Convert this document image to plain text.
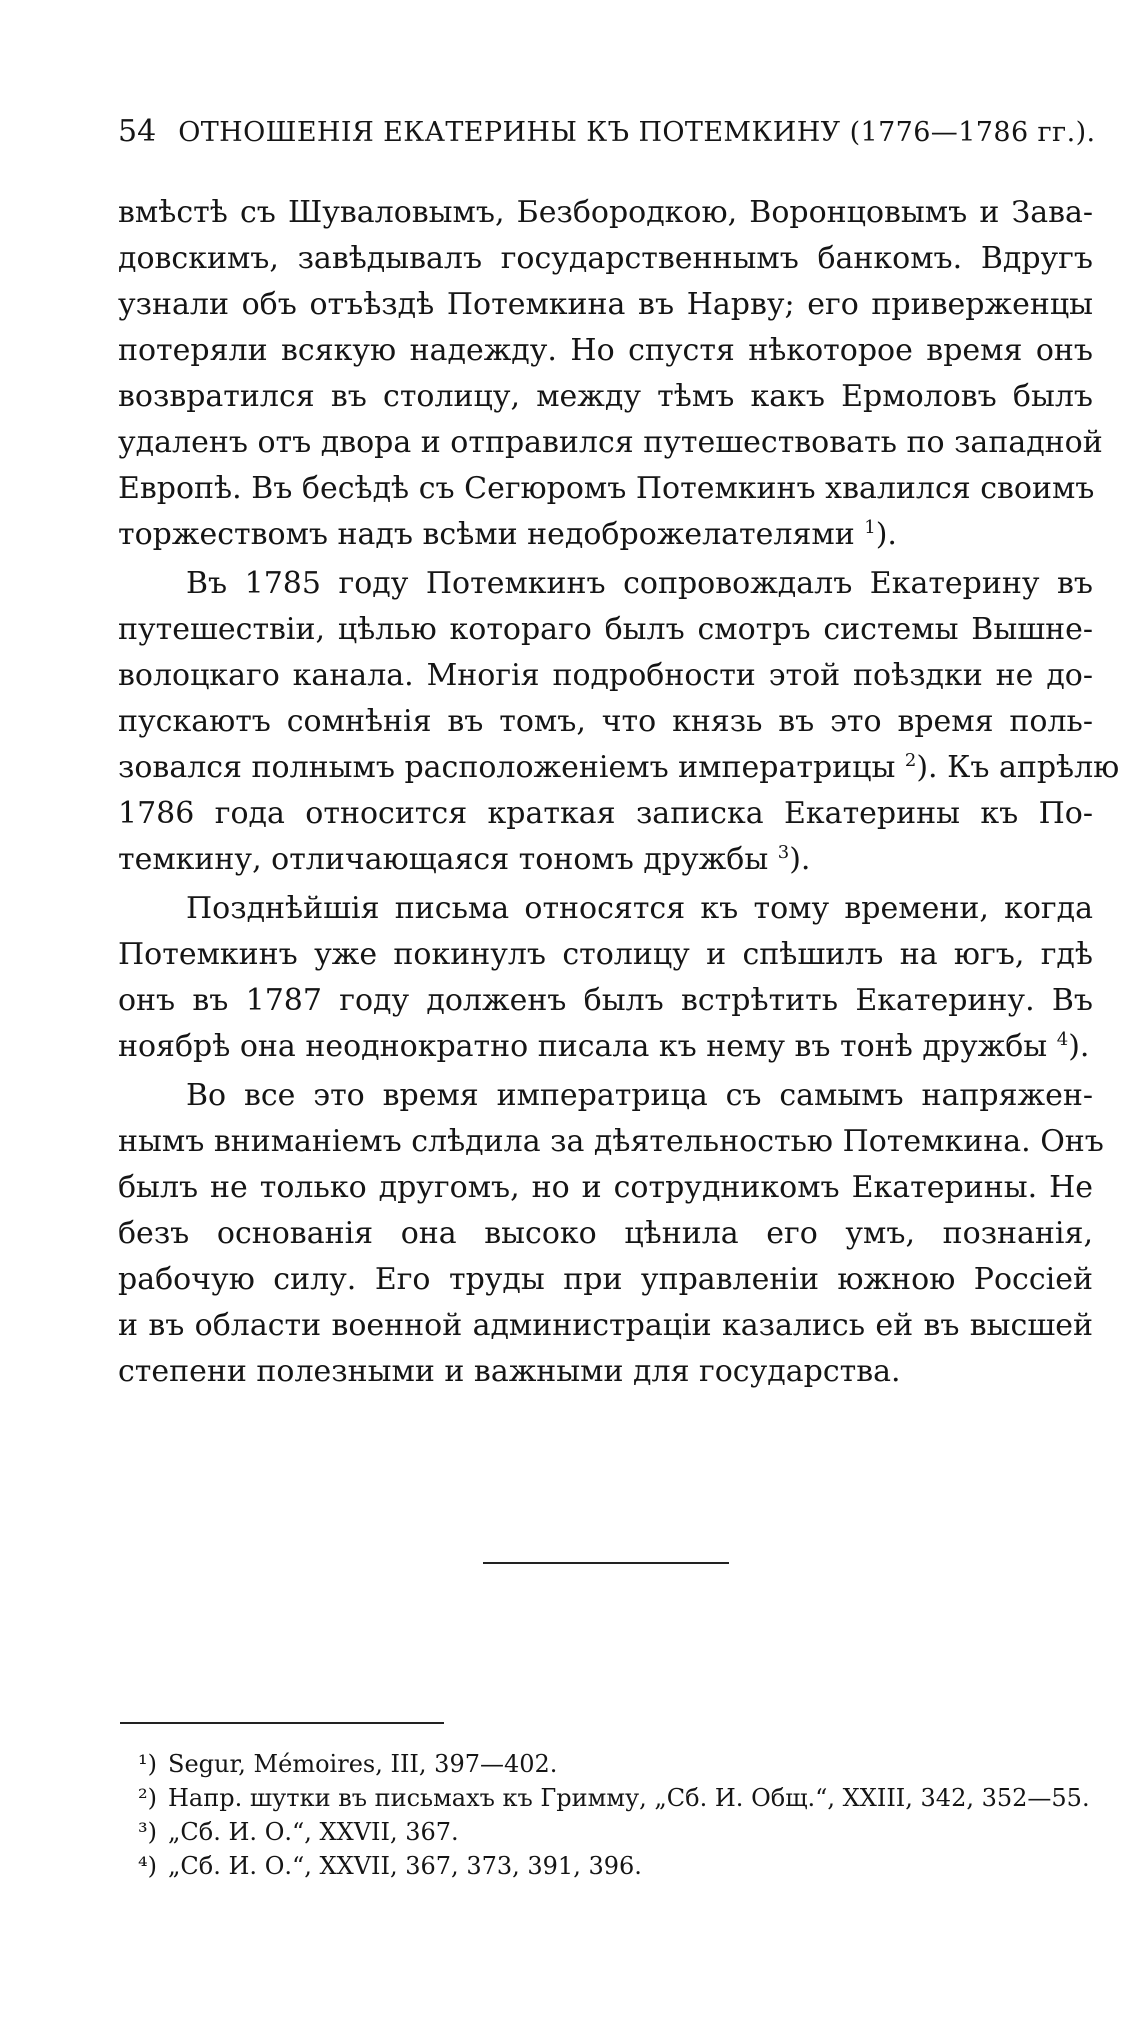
54 ОТНОШЕНІЯ ЕКАТЕРИНЫ КЪ ПОТЕМКИНУ (1776—1786 гг.).
вмѣстѣ съ Шуваловымъ, Безбородкою, Воронцовымъ и Зава-
довскимъ, завѣдывалъ государственнымъ банкомъ. Вдругъ
узнали объ отъѣздѣ Потемкина въ Нарву; его приверженцы
потеряли всякую надежду. Но спустя нѣкоторое время онъ
возвратился въ столицу, между тѣмъ какъ Ермоловъ былъ
удаленъ отъ двора и отправился путешествовать по западной
Европѣ. Въ бесѣдѣ съ Сегюромъ Потемкинъ хвалился своимъ
торжествомъ надъ всѣми недоброжелателями $^1$).
Въ 1785 году Потемкинъ сопровождалъ Екатерину въ
путешествіи, цѣлью котораго былъ смотръ системы Вышне-
волоцкаго канала. Многія подробности этой поѣздки не до-
пускаютъ сомнѣнія въ томъ, что князь въ это время поль-
зовался полнымъ расположеніемъ императрицы $^2$). Къ апрѣлю
1786 года относится краткая записка Екатерины къ По-
темкину, отличающаяся тономъ дружбы $^3$).
Позднѣйшія письма относятся къ тому времени, когда
Потемкинъ уже покинулъ столицу и спѣшилъ на югъ, гдѣ
онъ въ 1787 году долженъ былъ встрѣтить Екатерину. Въ
ноябрѣ она неоднократно писала къ нему въ тонѣ дружбы $^4$).
Во все это время императрица съ самымъ напряжен-
нымъ вниманіемъ слѣдила за дѣятельностью Потемкина. Онъ
былъ не только другомъ, но и сотрудникомъ Екатерины. Не
безъ основанія она высоко цѣнила его умъ, познанія,
рабочую силу. Его труды при управленіи южною Россіей
и въ области военной администраціи казались ей въ высшей
степени полезными и важными для государства.
¹) Segur, Mémoires, III, 397—402.
²) Напр. шутки въ письмахъ къ Гримму, „Сб. И. Общ.“, XXIII, 342, 352—55.
³) „Сб. И. О.“, XXVII, 367.
⁴) „Сб. И. О.“, XXVII, 367, 373, 391, 396.
